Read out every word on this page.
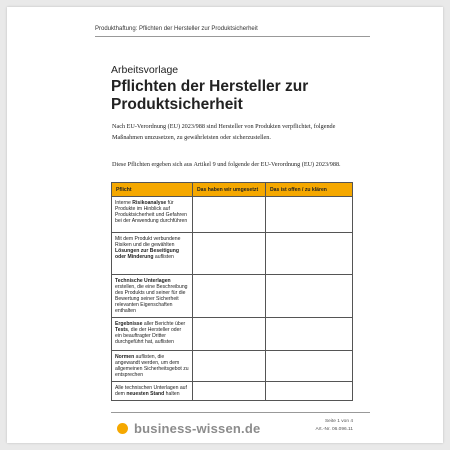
Produkthaftung: Pflichten der Hersteller zur Produktsicherheit
Arbeitsvorlage
Pflichten der Hersteller zur Produktsicherheit
Nach EU-Verordnung (EU) 2023/988 sind Hersteller von Produkten verpflichtet, folgende Maßnahmen umzusetzen, zu gewährleisten oder sicherzustellen.
Diese Pflichten ergeben sich aus Artikel 9 und folgende der EU-Verordnung (EU) 2023/988.
Pflicht	Das haben wir umgesetzt	Das ist offen / zu klären
Interne Risikoanalyse für Produkte im Hinblick auf Produktsicherheit und Gefahren bei der Anwendung durchführen		
Mit dem Produkt verbundene Risiken und die gewählten Lösungen zur Beseitigung oder Minderung auflisten		
Technische Unterlagen erstellen, die eine Beschreibung des Produkts und seiner für die Bewertung seiner Sicherheit relevanten Eigenschaften enthalten		
Ergebnisse aller Berichte über Tests, die der Hersteller oder ein beauftragter Dritter durchgeführt hat, auflisten		
Normen auflisten, die angewandt werden, um dem allgemeinen Sicherheitsgebot zu entsprechen		
Alle technischen Unterlagen auf dem neuesten Stand halten		
business-wissen.de	Seite 1 von 4
Art.-Nr. 06.096.11
